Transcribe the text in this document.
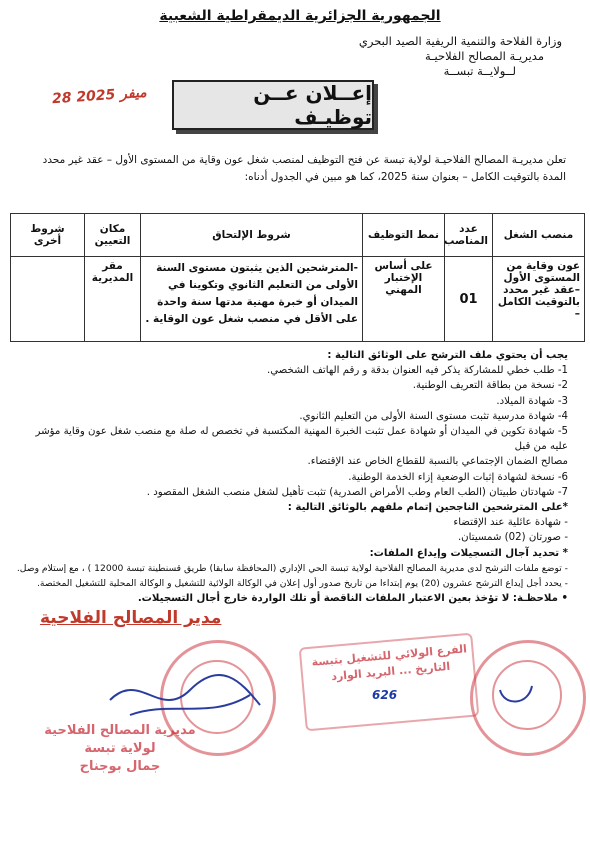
الجمهورية الجزائرية الديمقراطية الشعبية
وزارة الفلاحة والتنمية الريفية الصيد البحري
مديريـة المصالح الفلاحيـة
لــولايــة تبســة
28 ميفر 2025	إعــلان عــن توظيـف
تعلن مديريـة المصالح الفلاحيـة لولاية تبسة عن فتح التوظيف لمنصب شغل عون وقاية من المستوى الأول – عقد غير محدد المدة بالتوقيت الكامل – بعنوان سنة 2025، كما هو مبين في الجدول أدناه:
منصب الشغل	عدد المناصب	نمط التوظيف	شروط الإلتحاق	مكان التعيين	شروط أخرى
عون وقاية من المستوى الأول –عقد غير محدد بالتوقيت الكامل –	01	على أساس الإختبار المهني	-المترشحين الذين يثبتون مستوى السنة الأولى من التعليم الثانوي وتكوينا في الميدان أو خبرة مهنية مدتها سنة واحدة على الأقل في منصب شغل عون الوقاية .	مقر المديرية	
يجب أن يحتوي ملف الترشح على الوثائق التالية :
1- طلب خطي للمشاركة يذكر فيه العنوان بدقة و رقم الهاتف الشخصي.
2- نسخة من بطاقة التعريف الوطنية.
3- شهادة الميلاد.
4- شهادة مدرسية تثبت مستوى السنة الأولى من التعليم الثانوي.
5- شهادة تكوين في الميدان أو شهادة عمل تثبت الخبرة المهنية المكتسبة في تخصص له صلة مع منصب شغل عون وقاية مؤشر عليه من قبل
مصالح الضمان الإجتماعي بالنسبة للقطاع الخاص عند الإقتضاء.
6- نسخة لشهادة إثبات الوضعية إزاء الخدمة الوطنية.
7- شهادتان طبيتان (الطب العام وطب الأمراض الصدرية) تثبت تأهيل لشغل منصب الشغل المقصود .
*على المترشحين الناجحين إتمام ملفهم بالوثائق التالية :
- شهادة عائلية عند الإقتضاء
- صورتان (02) شمسيتان.
* تحديد آجال التسجيلات وإيداع الملفات:
- توضع ملفات الترشح لدى مديرية المصالح الفلاحية لولاية تبسة الحي الإداري (المحافظة سابقا) طريق قسنطينة تبسة 12000 ) ، مع إستلام وصل.
- يحدد أجل إيداع الترشح عشرون (20) يوم إبتداءا من تاريخ صدور أول إعلان في الوكالة الولائية للتشغيل و الوكالة المحلية للتشغيل المختصة.
• ملاحظـة: لا تؤخذ بعين الاعتبار الملفات الناقصة أو تلك الواردة خارج أجال التسجيلات.
مدير المصالح الفلاحية
مديرية المصالح الفلاحية لولاية تبسة
جمال بوجناح
الفرع الولائي للتشغيل بتبسة التاريخ ... البريد الوارد
626
